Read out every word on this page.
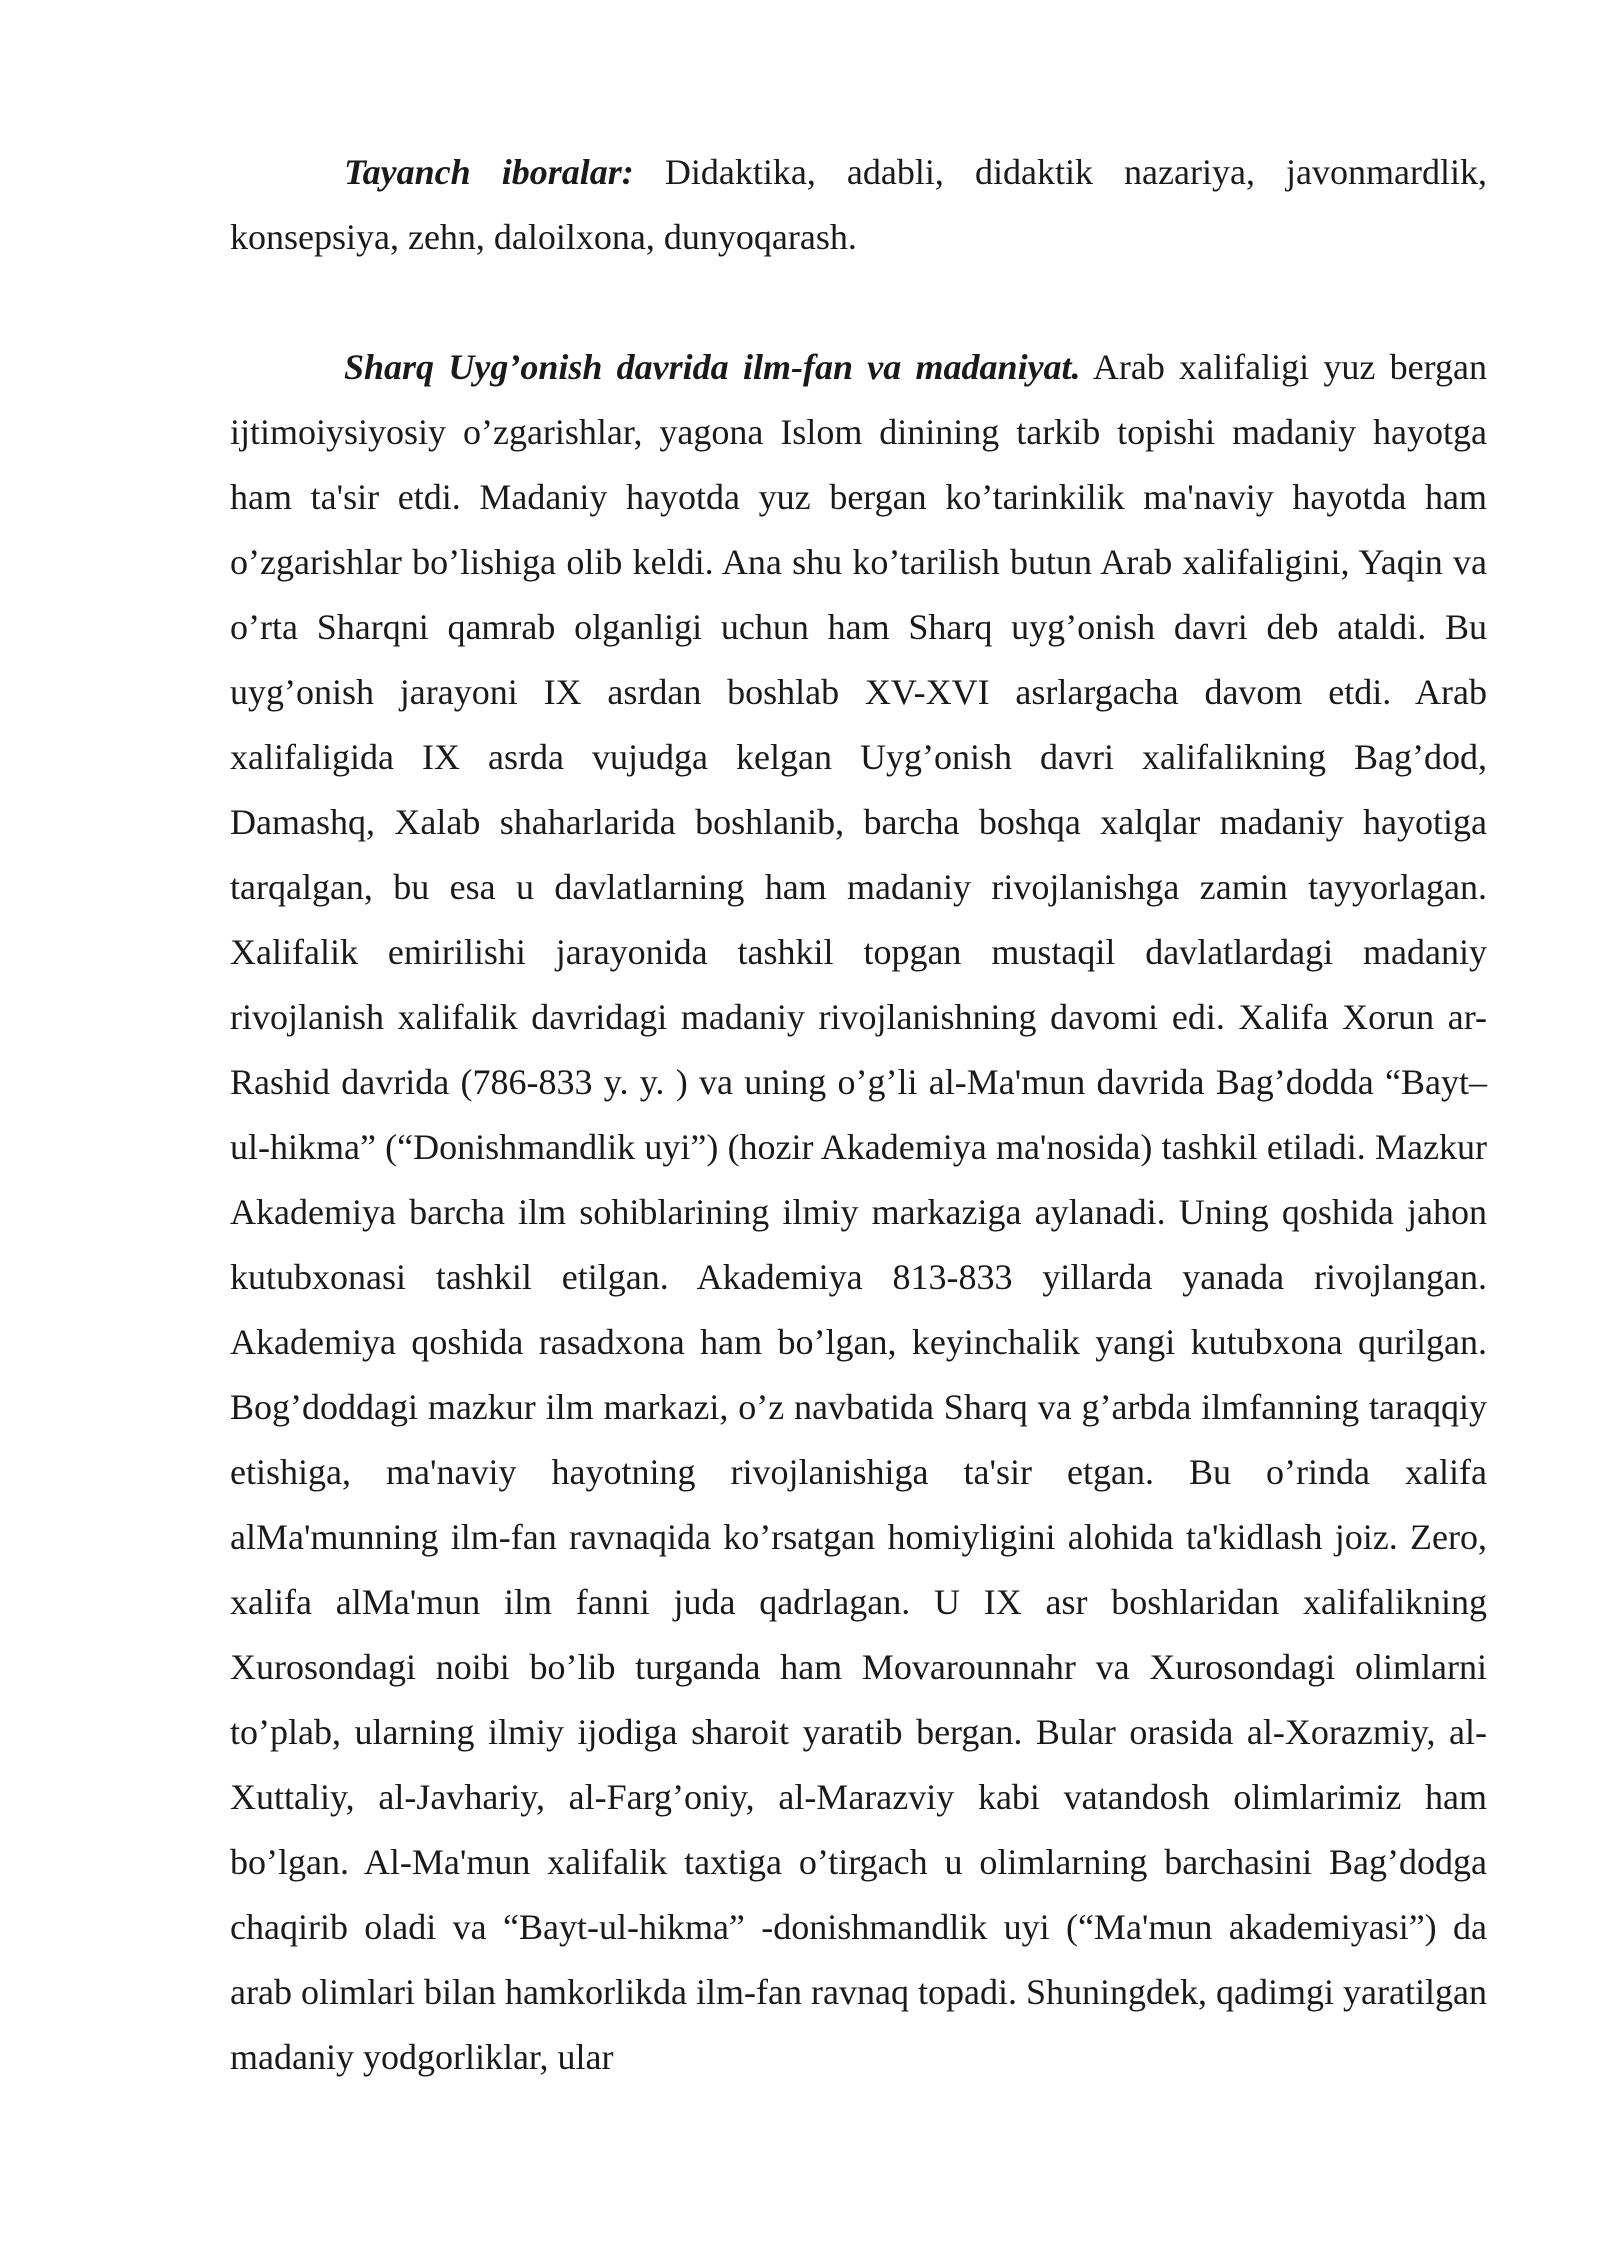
Tayanch iboralar: Didaktika, adabli, didaktik nazariya, javonmardlik, konsepsiya, zehn, daloilxona, dunyoqarash.

Sharq Uyg’onish davrida ilm-fan va madaniyat. Arab xalifaligi yuz bergan ijtimoiysiyosiy o’zgarishlar, yagona Islom dinining tarkib topishi madaniy hayotga ham ta'sir etdi. Madaniy hayotda yuz bergan ko’tarinkilik ma'naviy hayotda ham o’zgarishlar bo’lishiga olib keldi. Ana shu ko’tarilish butun Arab xalifaligini, Yaqin va o’rta Sharqni qamrab olganligi uchun ham Sharq uyg’onish davri deb ataldi. Bu uyg’onish jarayoni IX asrdan boshlab XV-XVI asrlargacha davom etdi. Arab xalifaligida IX asrda vujudga kelgan Uyg’onish davri xalifalikning Bag’dod, Damashq, Xalab shaharlarida boshlanib, barcha boshqa xalqlar madaniy hayotiga tarqalgan, bu esa u davlatlarning ham madaniy rivojlanishga zamin tayyorlagan. Xalifalik emirilishi jarayonida tashkil topgan mustaqil davlatlardagi madaniy rivojlanish xalifalik davridagi madaniy rivojlanishning davomi edi. Xalifa Xorun ar-Rashid davrida (786-833 y. y. ) va uning o’g’li al-Ma'mun davrida Bag’dodda “Bayt–ul-hikma” (“Donishmandlik uyi”) (hozir Akademiya ma'nosida) tashkil etiladi. Mazkur Akademiya barcha ilm sohiblarining ilmiy markaziga aylanadi. Uning qoshida jahon kutubxonasi tashkil etilgan. Akademiya 813-833 yillarda yanada rivojlangan. Akademiya qoshida rasadxona ham bo’lgan, keyinchalik yangi kutubxona qurilgan. Bog’doddagi mazkur ilm markazi, o’z navbatida Sharq va g’arbda ilmfanning taraqqiy etishiga, ma'naviy hayotning rivojlanishiga ta'sir etgan. Bu o’rinda xalifa alMa'munning ilm-fan ravnaqida ko’rsatgan homiyligini alohida ta'kidlash joiz. Zero, xalifa alMa'mun ilm fanni juda qadrlagan. U IX asr boshlaridan xalifalikning Xurosondagi noibi bo’lib turganda ham Movarounnahr va Xurosondagi olimlarni to’plab, ularning ilmiy ijodiga sharoit yaratib bergan. Bular orasida al-Xorazmiy, al-Xuttaliy, al-Javhariy, al-Farg’oniy, al-Marazviy kabi vatandosh olimlarimiz ham bo’lgan. Al-Ma'mun xalifalik taxtiga o’tirgach u olimlarning barchasini Bag’dodga chaqirib oladi va “Bayt-ul-hikma” -donishmandlik uyi (“Ma'mun akademiyasi”) da arab olimlari bilan hamkorlikda ilm-fan ravnaq topadi. Shuningdek, qadimgi yaratilgan madaniy yodgorliklar, ular
